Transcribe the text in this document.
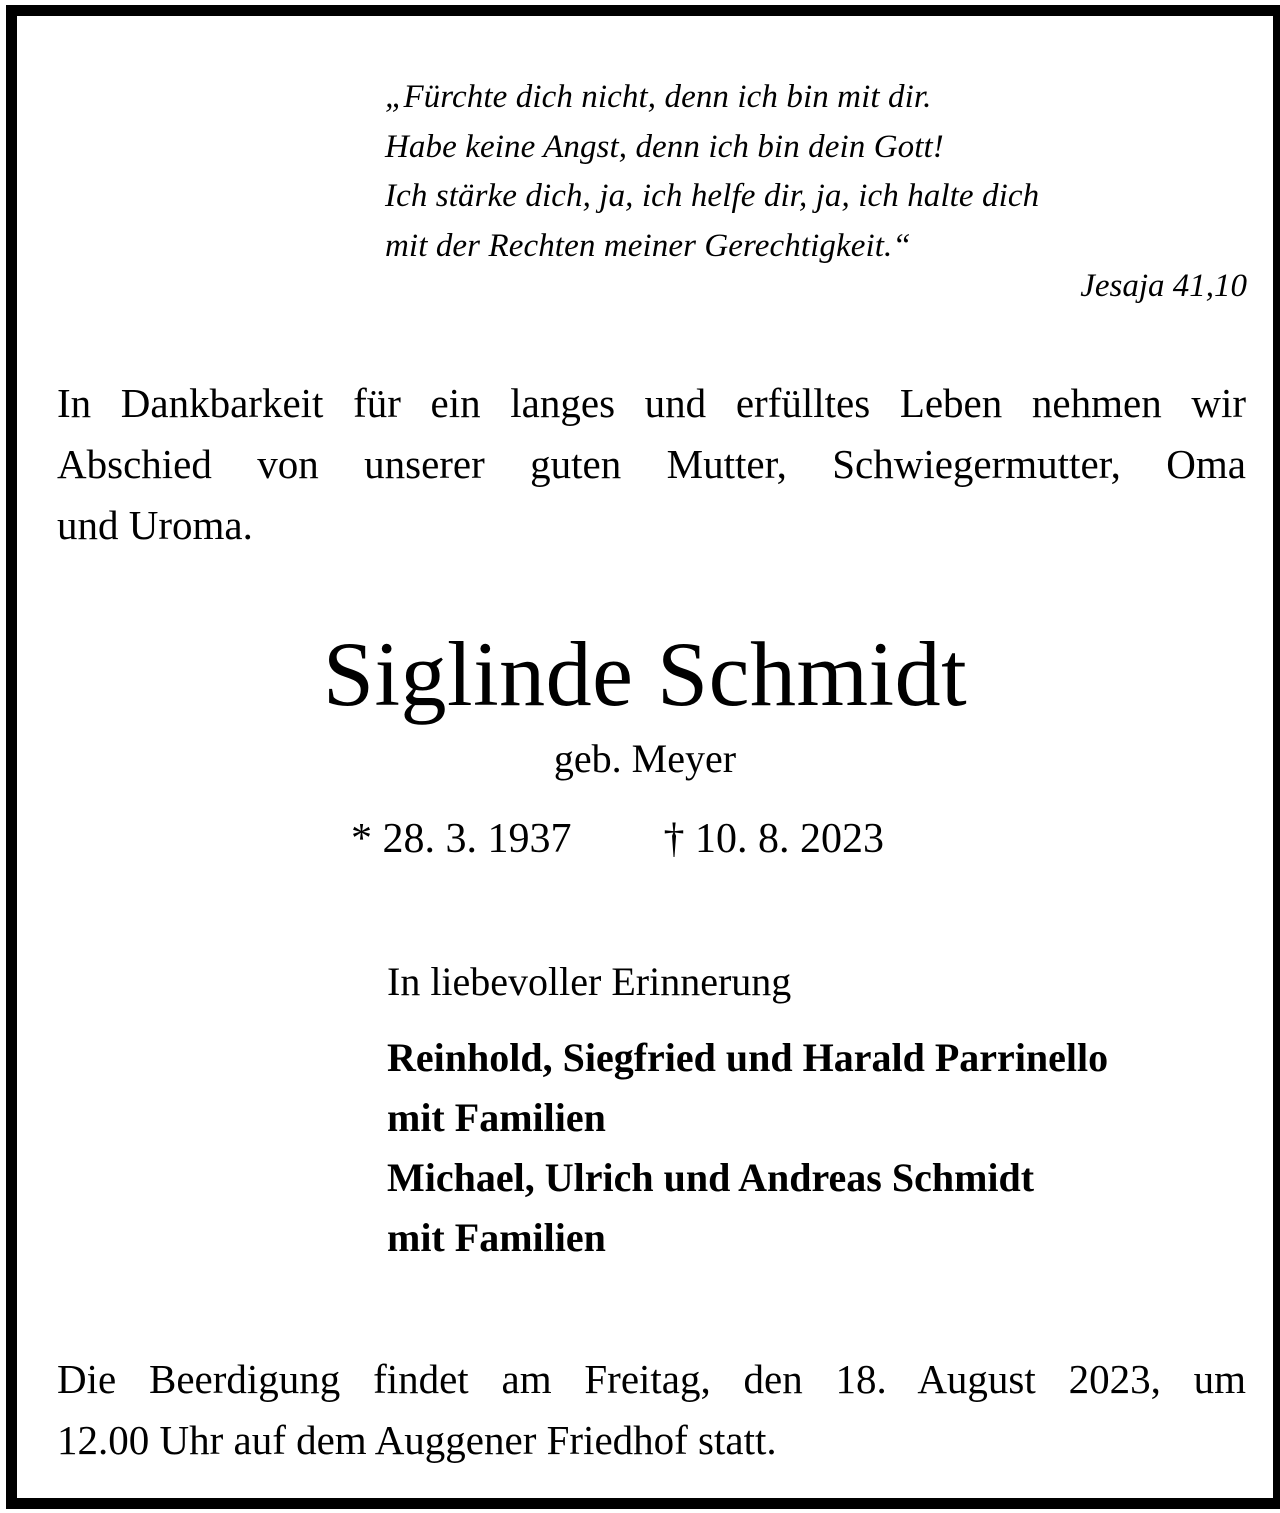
„Fürchte dich nicht, denn ich bin mit dir.
Habe keine Angst, denn ich bin dein Gott!
Ich stärke dich, ja, ich helfe dir, ja, ich halte dich
mit der Rechten meiner Gerechtigkeit.“
Jesaja 41,10
In Dankbarkeit für ein langes und erfülltes Leben nehmen wir
Abschied von unserer guten Mutter, Schwiegermutter, Oma
und Uroma.
Siglinde Schmidt
geb. Meyer
* 28. 3. 1937 † 10. 8. 2023
In liebevoller Erinnerung
Reinhold, Siegfried und Harald Parrinello
mit Familien
Michael, Ulrich und Andreas Schmidt
mit Familien
Die Beerdigung findet am Freitag, den 18. August 2023, um
12.00 Uhr auf dem Auggener Friedhof statt.
